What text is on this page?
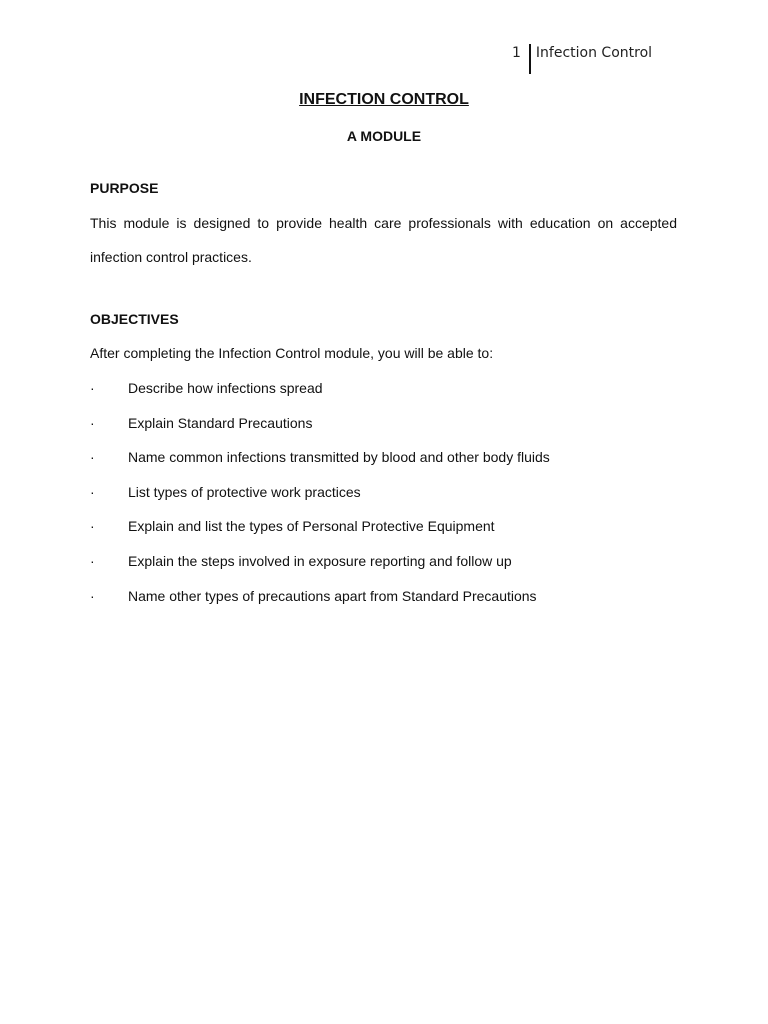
1 Infection Control
INFECTION CONTROL
A MODULE
PURPOSE
This module is designed to provide health care professionals with education on accepted infection control practices.
OBJECTIVES
After completing the Infection Control module, you will be able to:
·	Describe how infections spread
·	Explain Standard Precautions
·	Name common infections transmitted by blood and other body fluids
·	List types of protective work practices
·	Explain and list the types of Personal Protective Equipment
·	Explain the steps involved in exposure reporting and follow up
·	Name other types of precautions apart from Standard Precautions
